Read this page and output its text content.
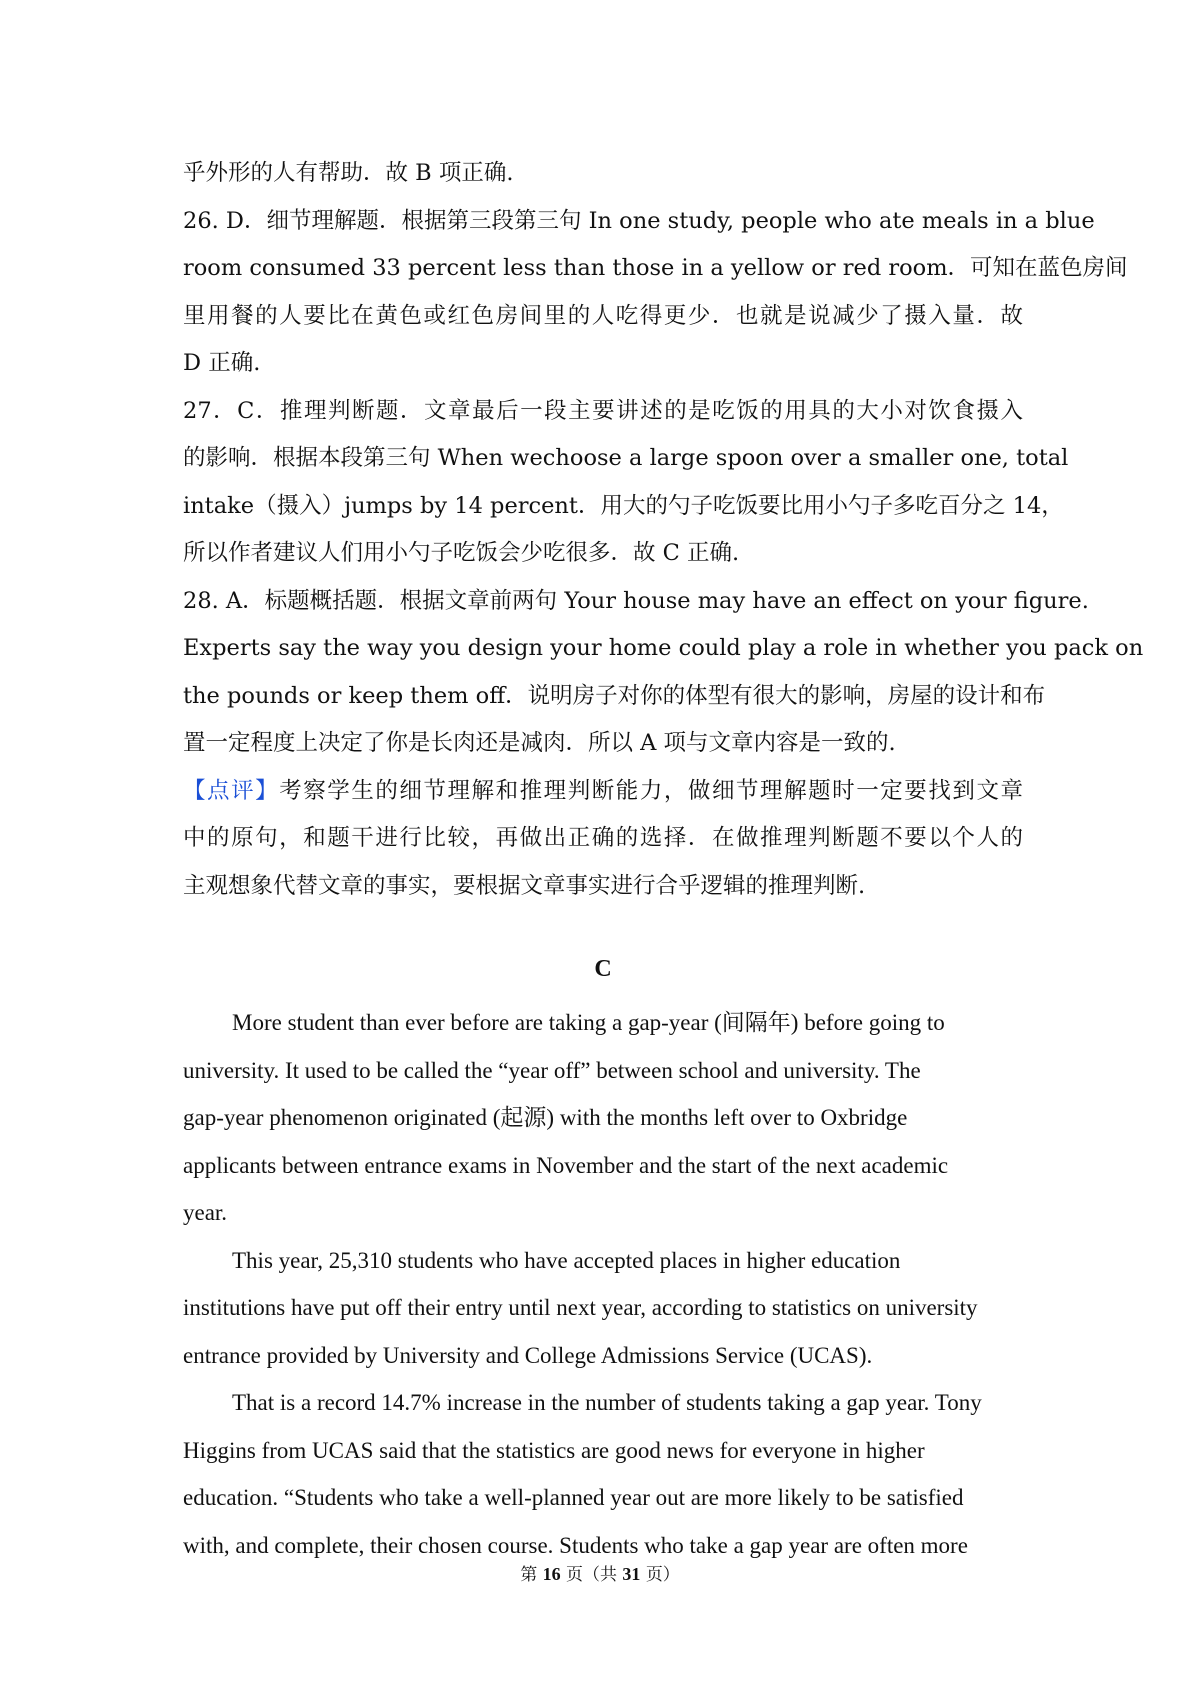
乎外形的人有帮助．故 B 项正确.
26. D．细节理解题．根据第三段第三句 In one study, people who ate meals in a blue
room consumed 33 percent less than those in a yellow or red room．可知在蓝色房间
里用餐的人要比在黄色或红色房间里的人吃得更少．也就是说减少了摄入量．故
D 正确.
27．C．推理判断题．文章最后一段主要讲述的是吃饭的用具的大小对饮食摄入
的影响．根据本段第三句 When wechoose a large spoon over a smaller one, total
intake（摄入）jumps by 14 percent．用大的勺子吃饭要比用小勺子多吃百分之 14，
所以作者建议人们用小勺子吃饭会少吃很多．故 C 正确.
28. A．标题概括题．根据文章前两句 Your house may have an effect on your figure.
Experts say the way you design your home could play a role in whether you pack on
the pounds or keep them off．说明房子对你的体型有很大的影响，房屋的设计和布
置一定程度上决定了你是长肉还是减肉．所以 A 项与文章内容是一致的.
【点评】考察学生的细节理解和推理判断能力，做细节理解题时一定要找到文章
中的原句，和题干进行比较，再做出正确的选择．在做推理判断题不要以个人的
主观想象代替文章的事实，要根据文章事实进行合乎逻辑的推理判断.
C
More student than ever before are taking a gap-year (间隔年) before going to
university. It used to be called the “year off” between school and university. The
gap-year phenomenon originated (起源) with the months left over to Oxbridge
applicants between entrance exams in November and the start of the next academic
year.
This year, 25,310 students who have accepted places in higher education
institutions have put off their entry until next year, according to statistics on university
entrance provided by University and College Admissions Service (UCAS).
That is a record 14.7% increase in the number of students taking a gap year. Tony
Higgins from UCAS said that the statistics are good news for everyone in higher
education. “Students who take a well-planned year out are more likely to be satisfied
with, and complete, their chosen course. Students who take a gap year are often more
第 16 页（共 31 页）
